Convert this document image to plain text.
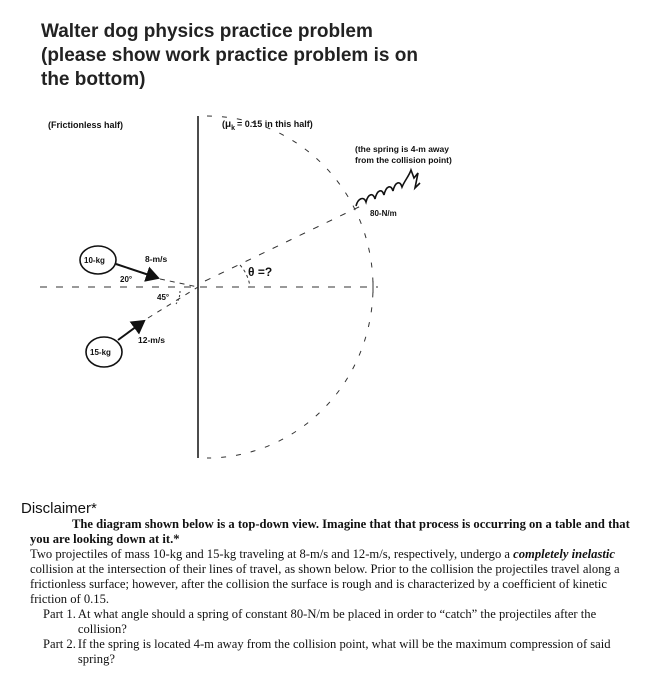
Walter dog physics practice problem
(please show work practice problem is on
the bottom)
(Frictionless half)	($\mu_k = 0.15$ in this half)
θ =?
(the spring is 4-m away
from the collision point)
80-N/m
10-kg	8-m/s
20°
15-kg
12-m/s
45°
Disclaimer*

The diagram shown below is a top-down view. Imagine that that process is occurring on a table and that you are looking down at it.*

Two projectiles of mass 10-kg and 15-kg traveling at 8-m/s and 12-m/s, respectively, undergo a completely inelastic collision at the intersection of their lines of travel, as shown below. Prior to the collision the projectiles travel along a frictionless surface; however, after the collision the surface is rough and is characterized by a coefficient of kinetic friction of 0.15.

Part 1. At what angle should a spring of constant 80-N/m be placed in order to “catch” the projectiles after the collision?
Part 2. If the spring is located 4-m away from the collision point, what will be the maximum compression of said spring?
